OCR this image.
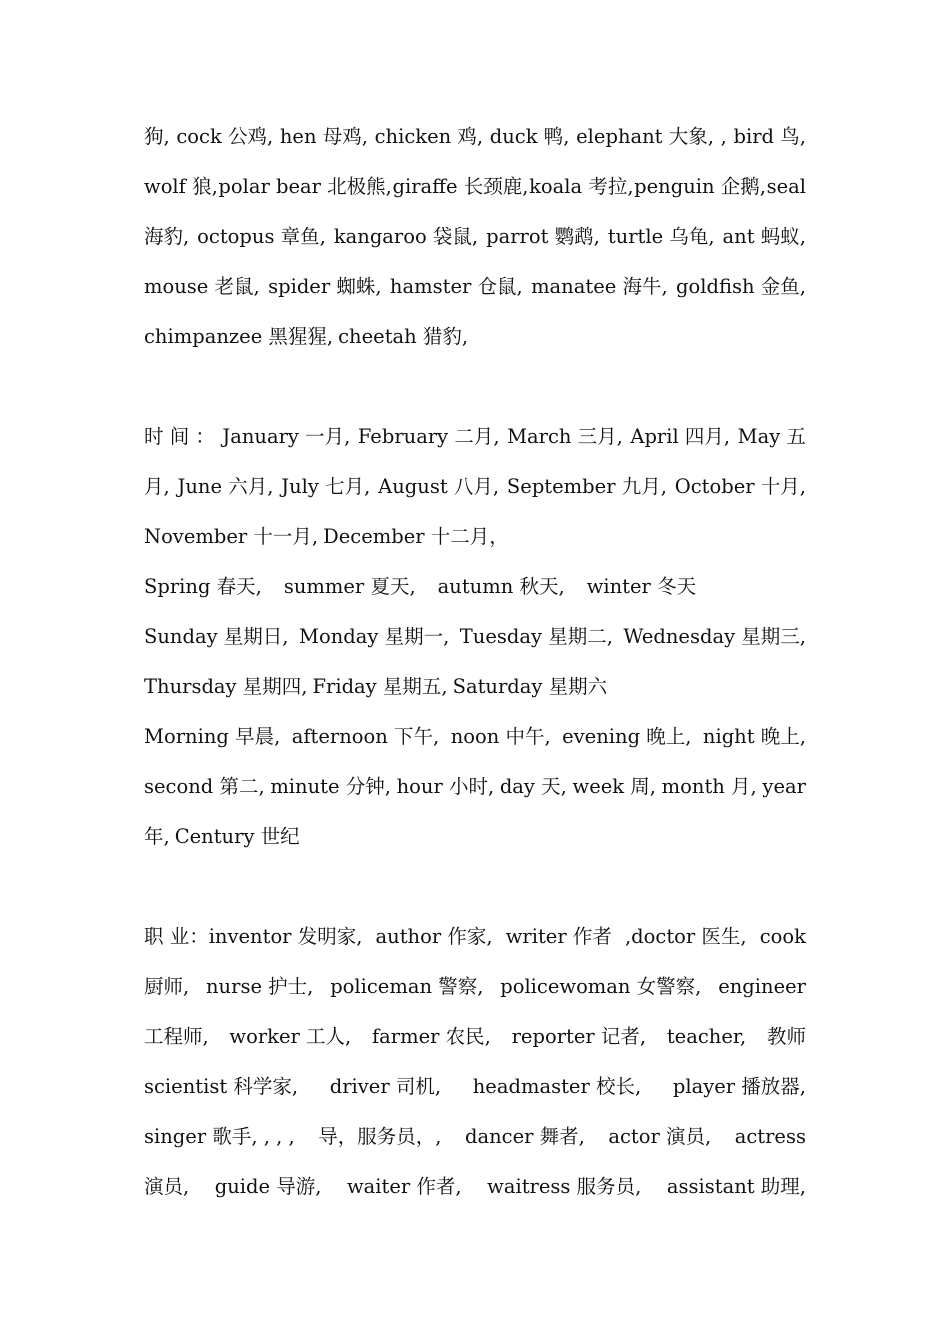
狗, cock 公鸡, hen 母鸡, chicken 鸡, duck 鸭, elephant 大象, , bird 鸟,
wolf 狼, polar bear 北极熊, giraffe 长颈鹿, koala 考拉, penguin 企鹅, seal
海豹, octopus 章鱼, kangaroo 袋鼠, parrot 鹦鹉, turtle 乌龟, ant 蚂蚁,
mouse 老鼠, spider 蜘蛛, hamster 仓鼠, manatee 海牛, goldfish 金鱼,
chimpanzee 黑猩猩, cheetah 猎豹,
时 间 ： January 一月, February 二月, March 三月, April 四月, May 五
月, June 六月, July 七月, August 八月, September 九月, October 十月,
November 十一月, December 十二月，
Spring 春天, summer 夏天, autumn 秋天, winter 冬天
Sunday 星期日, Monday 星期一, Tuesday 星期二, Wednesday 星期三,
Thursday 星期四, Friday 星期五, Saturday 星期六
Morning 早晨, afternoon 下午, noon 中午, evening 晚上, night 晚上,
second 第二, minute 分钟, hour 小时, day 天, week 周, month 月, year
年, Century 世纪
职 业：inventor 发明家, author 作家, writer 作者 ,doctor 医生, cook
厨师, nurse 护士, policeman 警察, policewoman 女警察, engineer
工程师, worker 工人, farmer 农民, reporter 记者, teacher, 教师
scientist 科学家, driver 司机, headmaster 校长, player 播放器,
singer 歌手, , , , 导，服务员，, dancer 舞者, actor 演员, actress
演员, guide 导游, waiter 作者, waitress 服务员, assistant 助理,
